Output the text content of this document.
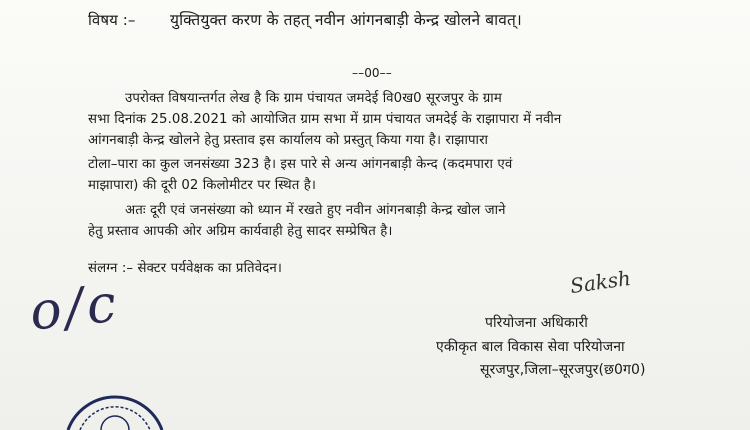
विषय :– युक्तियुक्त करण के तहत् नवीन आंगनबाड़ी केन्द्र खोलने बावत्।
––00––
उपरोक्त विषयान्तर्गत लेख है कि ग्राम पंचायत जमदेई वि0ख0 सूरजपुर के ग्राम
सभा दिनांक 25.08.2021 को आयोजित ग्राम सभा में ग्राम पंचायत जमदेई के राझापारा में नवीन
आंगनबाड़ी केन्द्र खोलने हेतु प्रस्ताव इस कार्यालय को प्रस्तुत् किया गया है। राझापारा
टोला–पारा का कुल जनसंख्या 323 है। इस पारे से अन्य आंगनबाड़ी केन्द (कदमपारा एवं
माझापारा) की दूरी 02 किलोमीटर पर स्थित है।
अतः दूरी एवं जनसंख्या को ध्यान में रखते हुए नवीन आंगनबाड़ी केन्द्र खोल जाने
हेतु प्रस्ताव आपकी ओर अग्रिम कार्यवाही हेतु सादर सम्प्रेषित है।
संलग्न :– सेक्टर पर्यवेक्षक का प्रतिवेदन।
o/c	Saksh
परियोजना अधिकारी
एकीकृत बाल विकास सेवा परियोजना
सूरजपुर,जिला–सूरजपुर(छ0ग0)
